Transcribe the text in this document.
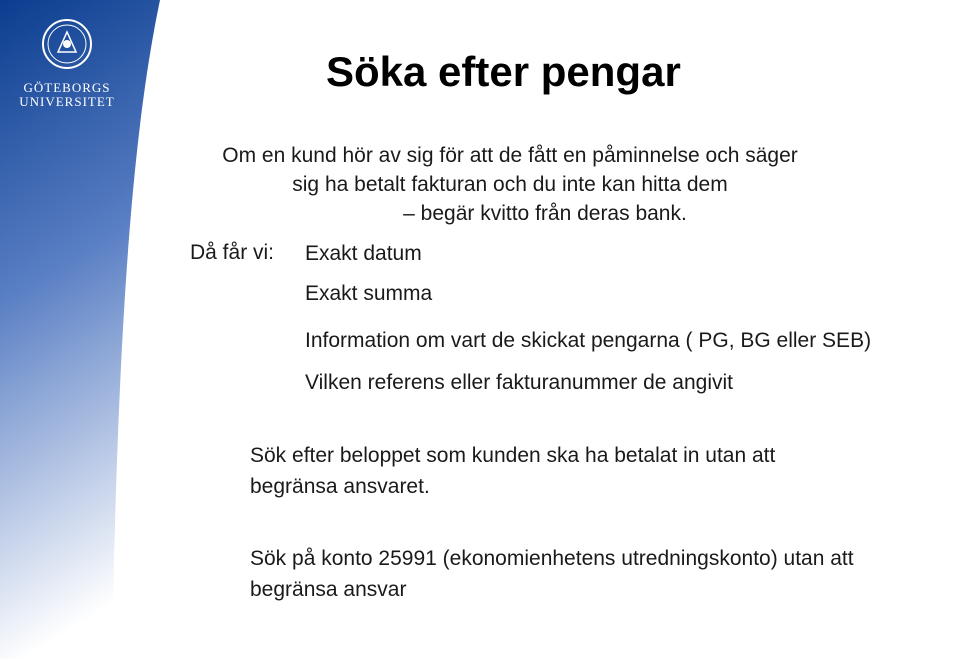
GÖTEBORGS
UNIVERSITET
Söka efter pengar
Om en kund hör av sig för att de fått en påminnelse och säger
sig ha betalt fakturan och du inte kan hitta dem
– begär kvitto från deras bank.
Då får vi: Exakt datum
Exakt summa
Information om vart de skickat pengarna ( PG, BG eller SEB)
Vilken referens eller fakturanummer de angivit
Sök efter beloppet som kunden ska ha betalat in utan att
begränsa ansvaret.
Sök på konto 25991 (ekonomienhetens utredningskonto) utan att
begränsa ansvar
